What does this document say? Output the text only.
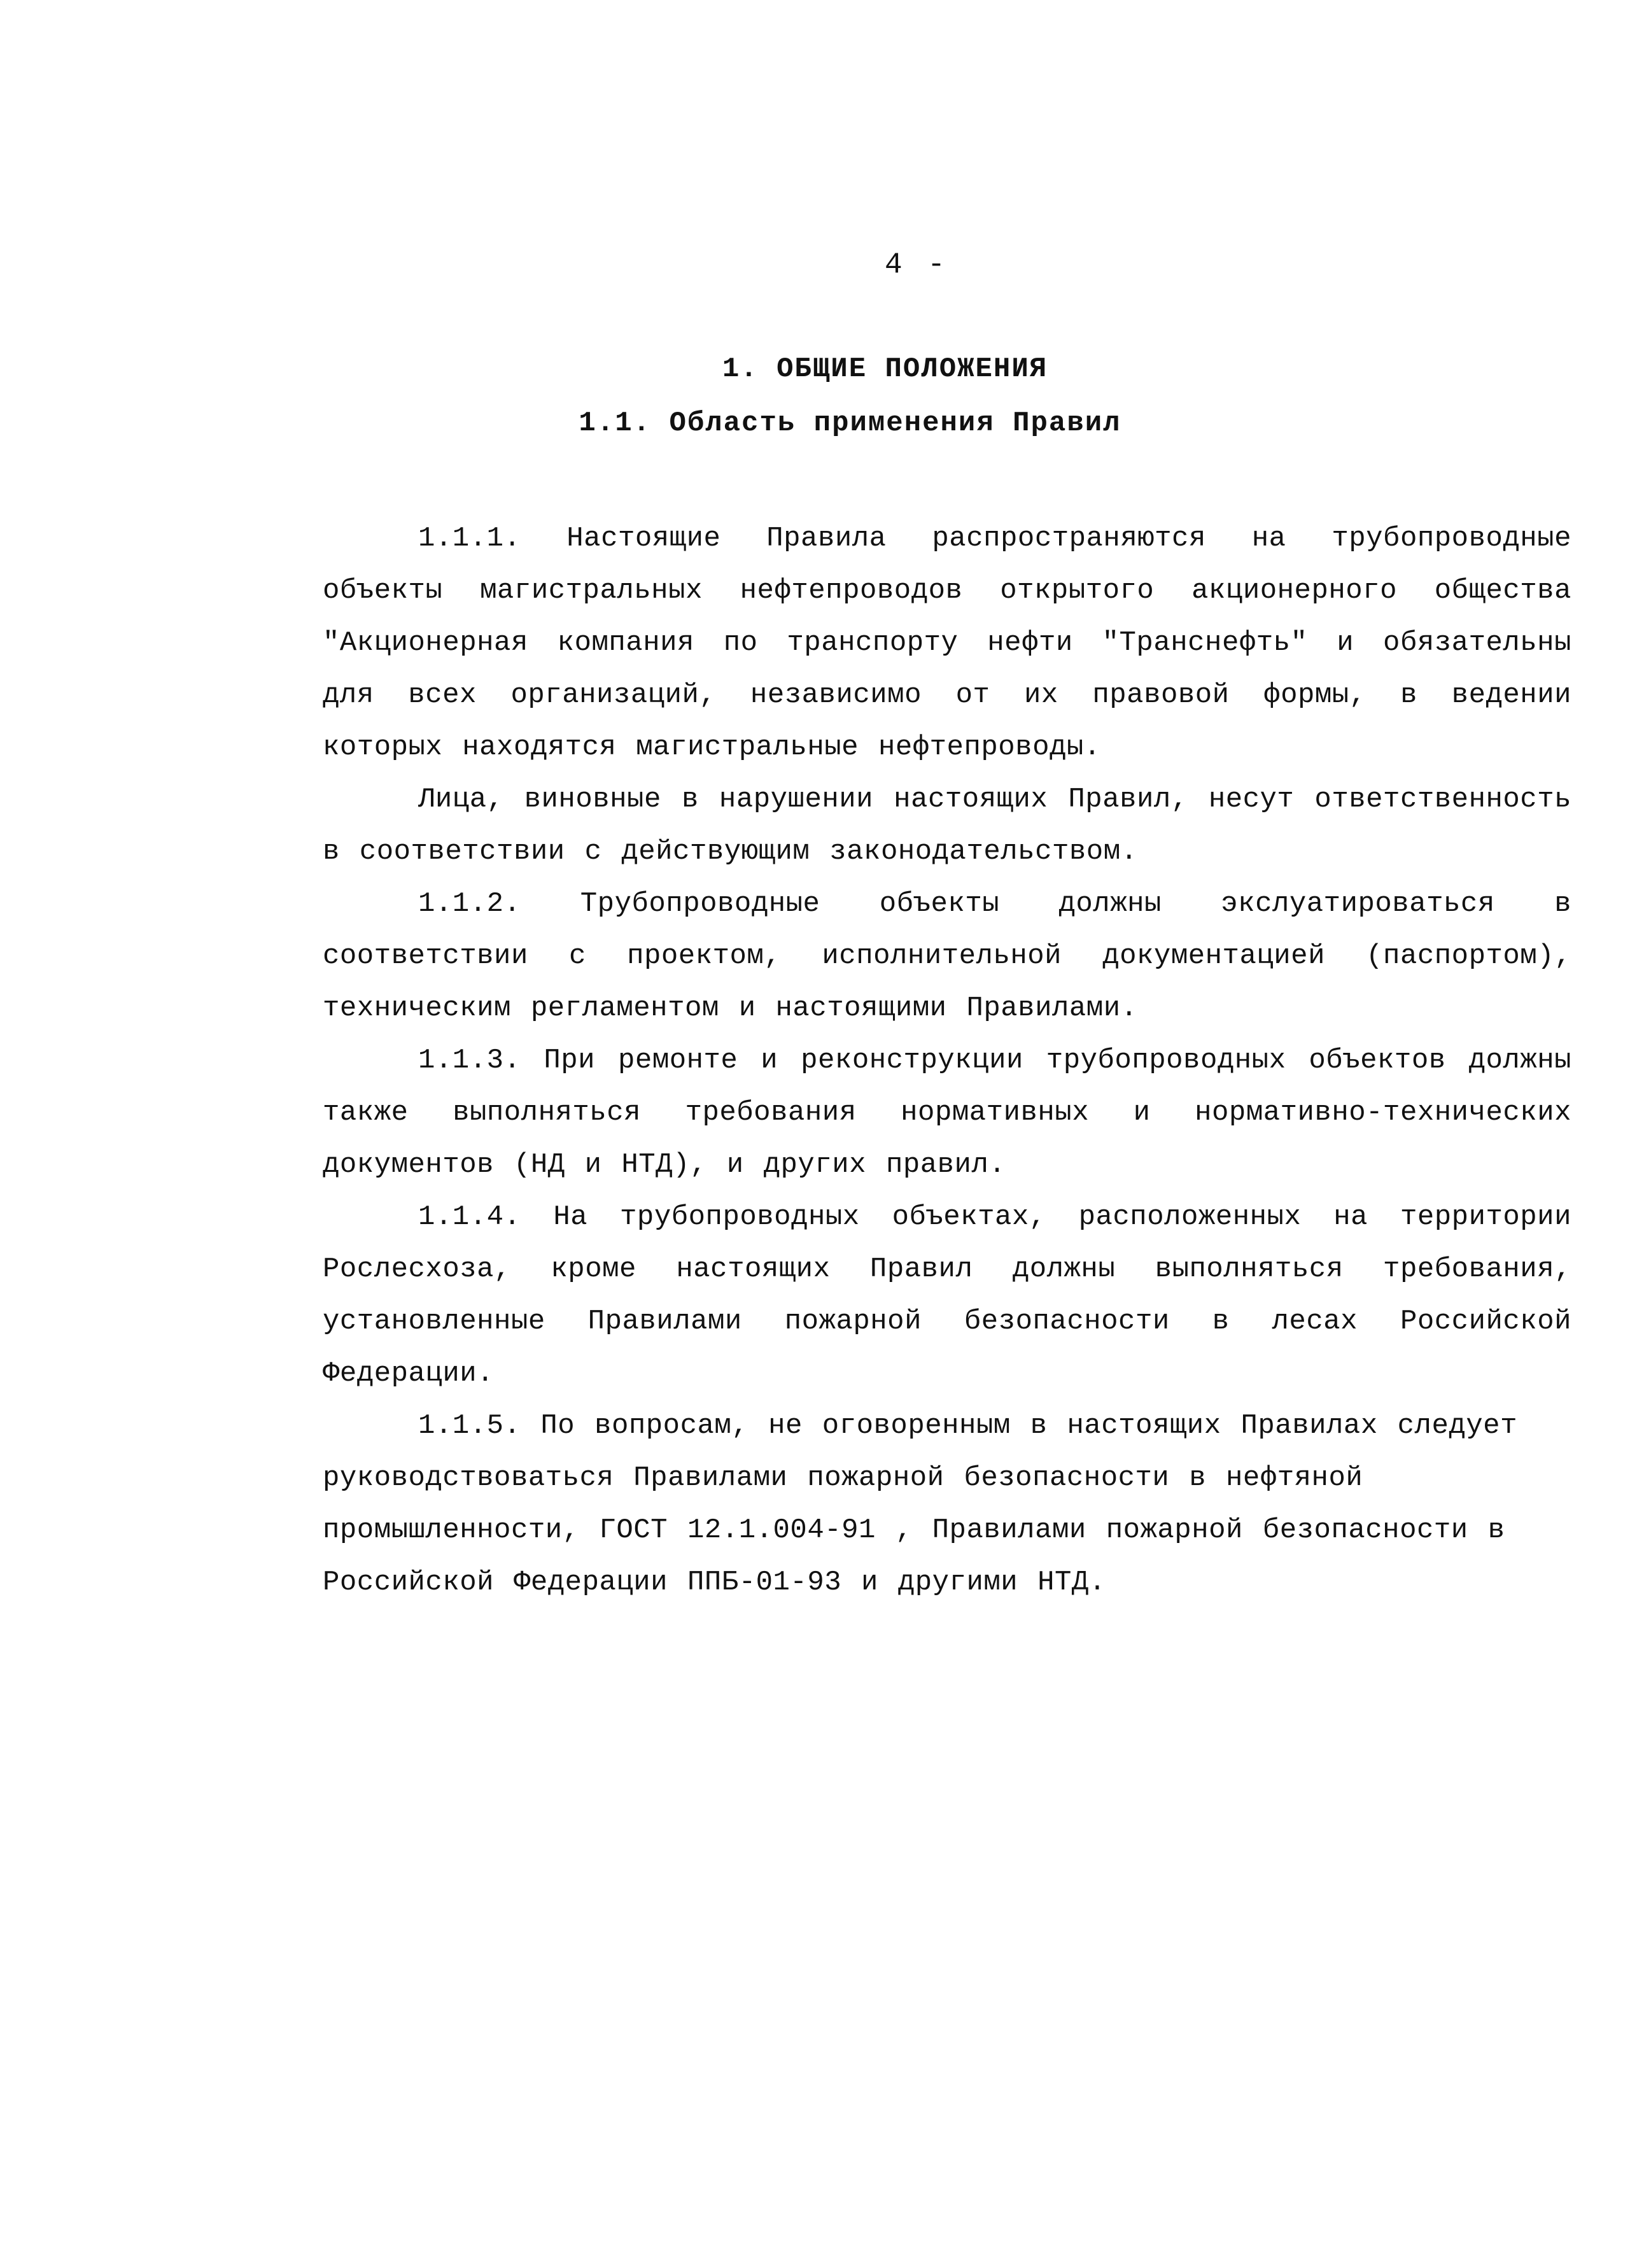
4 -
1. ОБЩИЕ ПОЛОЖЕНИЯ
1.1. Область применения Правил

1.1.1. Настоящие Правила распространяются на трубопроводные объекты магистральных нефтепроводов открытого акционерного общества "Акционерная компания по транспорту нефти "Транснефть" и обязательны для всех организаций, независимо от их правовой формы, в ведении которых находятся магистральные нефтепроводы.

Лица, виновные в нарушении настоящих Правил, несут ответственность в соответствии с действующим законодательством.

1.1.2. Трубопроводные объекты должны экслуатироваться в соответствии с проектом, исполнительной документацией (паспортом), техническим регламентом и настоящими Правилами.

1.1.3. При ремонте и реконструкции трубопроводных объектов должны также выполняться требования нормативных и нормативно-технических документов (НД и НТД), и других правил.

1.1.4. На трубопроводных объектах, расположенных на территории Рослесхоза, кроме настоящих Правил должны выполняться требования, установленные Правилами пожарной безопасности в лесах Российской Федерации.

1.1.5. По вопросам, не оговоренным в настоящих Правилах следует руководствоваться Правилами пожарной безопасности в нефтяной промышленности, ГОСТ 12.1.004-91 , Правилами пожарной безопасности в Российской Федерации ППБ-01-93 и другими НТД.
